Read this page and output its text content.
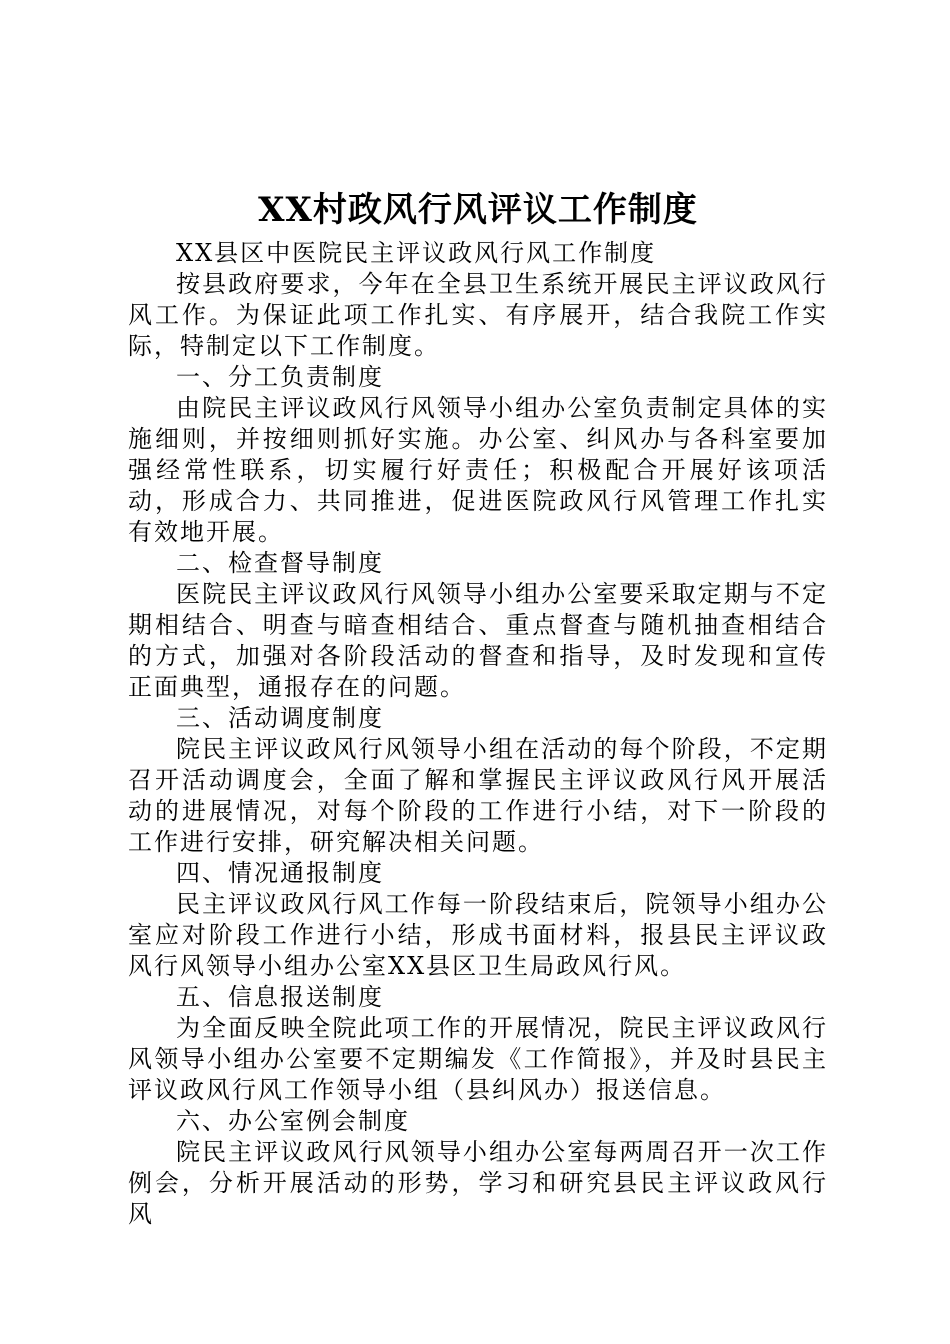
XX村政风行风评议工作制度

XX县区中医院民主评议政风行风工作制度

按县政府要求，今年在全县卫生系统开展民主评议政风行风工作。为保证此项工作扎实、有序展开，结合我院工作实际，特制定以下工作制度。

一、分工负责制度

由院民主评议政风行风领导小组办公室负责制定具体的实施细则，并按细则抓好实施。办公室、纠风办与各科室要加强经常性联系，切实履行好责任；积极配合开展好该项活动，形成合力、共同推进，促进医院政风行风管理工作扎实有效地开展。

二、检查督导制度

医院民主评议政风行风领导小组办公室要采取定期与不定期相结合、明查与暗查相结合、重点督查与随机抽查相结合的方式，加强对各阶段活动的督查和指导，及时发现和宣传正面典型，通报存在的问题。

三、活动调度制度

院民主评议政风行风领导小组在活动的每个阶段，不定期召开活动调度会，全面了解和掌握民主评议政风行风开展活动的进展情况，对每个阶段的工作进行小结，对下一阶段的工作进行安排，研究解决相关问题。

四、情况通报制度

民主评议政风行风工作每一阶段结束后，院领导小组办公室应对阶段工作进行小结，形成书面材料，报县民主评议政风行风领导小组办公室XX县区卫生局政风行风。

五、信息报送制度

为全面反映全院此项工作的开展情况，院民主评议政风行风领导小组办公室要不定期编发《工作简报》，并及时县民主评议政风行风工作领导小组（县纠风办）报送信息。

六、办公室例会制度

院民主评议政风行风领导小组办公室每两周召开一次工作例会，分析开展活动的形势，学习和研究县民主评议政风行风
